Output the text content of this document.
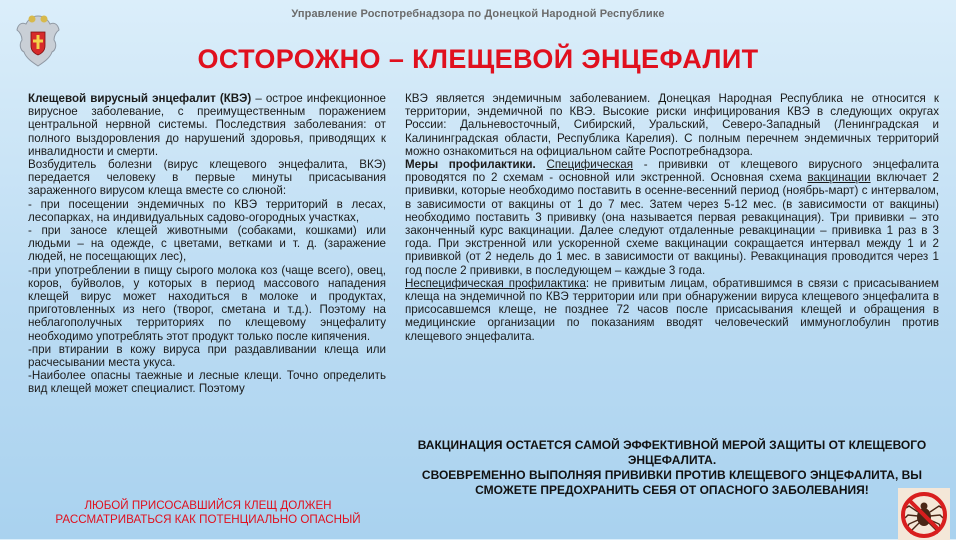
Управление Роспотребнадзора по Донецкой Народной Республике
ОСТОРОЖНО – КЛЕЩЕВОЙ ЭНЦЕФАЛИТ

Клещевой вирусный энцефалит (КВЭ) – острое инфекционное вирусное заболевание, с преимущественным поражением центральной нервной системы. Последствия заболевания: от полного выздоровления до нарушений здоровья, приводящих к инвалидности и смерти.

Возбудитель болезни (вирус клещевого энцефалита, ВКЭ) передается человеку в первые минуты присасывания зараженного вирусом клеща вместе со слюной:

- при посещении эндемичных по КВЭ территорий в лесах, лесопарках, на индивидуальных садово-огородных участках,

- при заносе клещей животными (собаками, кошками) или людьми – на одежде, с цветами, ветками и т. д. (заражение людей, не посещающих лес),

-при употреблении в пищу сырого молока коз (чаще всего), овец, коров, буйволов, у которых в период массового нападения клещей вирус может находиться в молоке и продуктах, приготовленных из него (творог, сметана и т.д.). Поэтому на неблагополучных территориях по клещевому энцефалиту необходимо употреблять этот продукт только после кипячения.

-при втирании в кожу вируса при раздавливании клеща или расчесывании места укуса.

-Наиболее опасны таежные и лесные клещи. Точно определить вид клещей может специалист. Поэтому

ЛЮБОЙ ПРИСОСАВШИЙСЯ КЛЕЩ ДОЛЖЕН
РАССМАТРИВАТЬСЯ КАК ПОТЕНЦИАЛЬНО ОПАСНЫЙ

КВЭ является эндемичным заболеванием. Донецкая Народная Республика не относится к территории, эндемичной по КВЭ. Высокие риски инфицирования КВЭ в следующих округах России: Дальневосточный, Сибирский, Уральский, Северо-Западный (Ленинградская и Калининградская области, Республика Карелия). С полным перечнем эндемичных территорий можно ознакомиться на официальном сайте Роспотребнадзора.

Меры профилактики. Специфическая - прививки от клещевого вирусного энцефалита проводятся по 2 схемам - основной или экстренной. Основная схема вакцинации включает 2 прививки, которые необходимо поставить в осенне-весенний период (ноябрь-март) с интервалом, в зависимости от вакцины от 1 до 7 мес. Затем через 5-12 мес. (в зависимости от вакцины) необходимо поставить 3 прививку (она называется первая ревакцинация). Три прививки – это законченный курс вакцинации. Далее следуют отдаленные ревакцинации – прививка 1 раз в 3 года. При экстренной или ускоренной схеме вакцинации сокращается интервал между 1 и 2 прививкой (от 2 недель до 1 мес. в зависимости от вакцины). Ревакцинация проводится через 1 год после 2 прививки, в последующем – каждые 3 года.

Неспецифическая профилактика: не привитым лицам, обратившимся в связи с присасыванием клеща на эндемичной по КВЭ территории или при обнаружении вируса клещевого энцефалита в присосавшемся клеще, не позднее 72 часов после присасывания клещей и обращения в медицинские организации по показаниям вводят человеческий иммуноглобулин против клещевого энцефалита.

ВАКЦИНАЦИЯ ОСТАЕТСЯ САМОЙ ЭФФЕКТИВНОЙ МЕРОЙ ЗАЩИТЫ ОТ КЛЕЩЕВОГО ЭНЦЕФАЛИТА.
СВОЕВРЕМЕННО ВЫПОЛНЯЯ ПРИВИВКИ ПРОТИВ КЛЕЩЕВОГО ЭНЦЕФАЛИТА, ВЫ СМОЖЕТЕ ПРЕДОХРАНИТЬ СЕБЯ ОТ ОПАСНОГО ЗАБОЛЕВАНИЯ!
